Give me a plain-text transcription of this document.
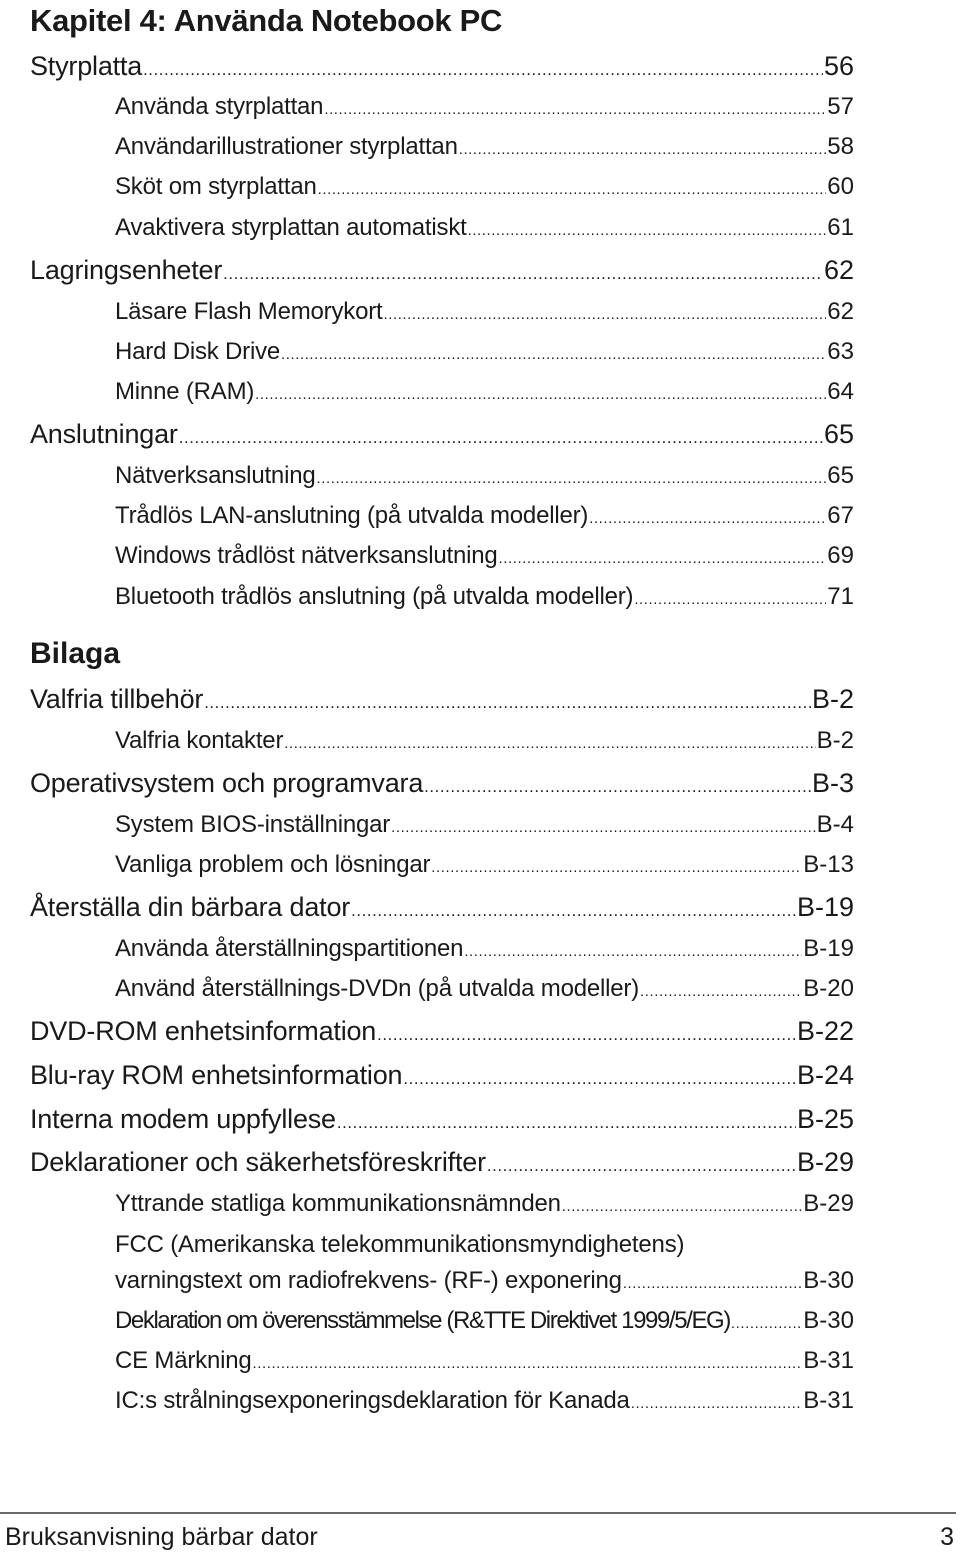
Kapitel 4: Använda Notebook PC
Styrplatta .....	56
Använda styrplattan .....	57
Användarillustrationer styrplattan .....	58
Sköt om styrplattan .....	60
Avaktivera styrplattan automatiskt .....	61
Lagringsenheter .....	62
Läsare Flash Memorykort .....	62
Hard Disk Drive .....	63
Minne (RAM) .....	64
Anslutningar .....	65
Nätverksanslutning .....	65
Trådlös LAN-anslutning (på utvalda modeller) .....	67
Windows trådlöst nätverksanslutning .....	69
Bluetooth trådlös anslutning (på utvalda modeller) .....	71
Bilaga
Valfria tillbehör .....	B-2
Valfria kontakter .....	B-2
Operativsystem och programvara .....	B-3
System BIOS-inställningar .....	B-4
Vanliga problem och lösningar .....	B-13
Återställa din bärbara dator .....	B-19
Använda återställningspartitionen .....	B-19
Använd återställnings-DVDn (på utvalda modeller) .....	B-20
DVD-ROM enhetsinformation .....	B-22
Blu-ray ROM enhetsinformation .....	B-24
Interna modem uppfyllese .....	B-25
Deklarationer och säkerhetsföreskrifter .....	B-29
Yttrande statliga kommunikationsnämnden .....	B-29
FCC (Amerikanska telekommunikationsmyndighetens)
varningstext om radiofrekvens- (RF-) exponering .....	B-30
Deklaration om överensstämmelse (R&TTE Direktivet 1999/5/EG) .....	B-30
CE Märkning .....	B-31
IC:s strålningsexponeringsdeklaration för Kanada .....	B-31
Bruksanvisning bärbar dator	3
